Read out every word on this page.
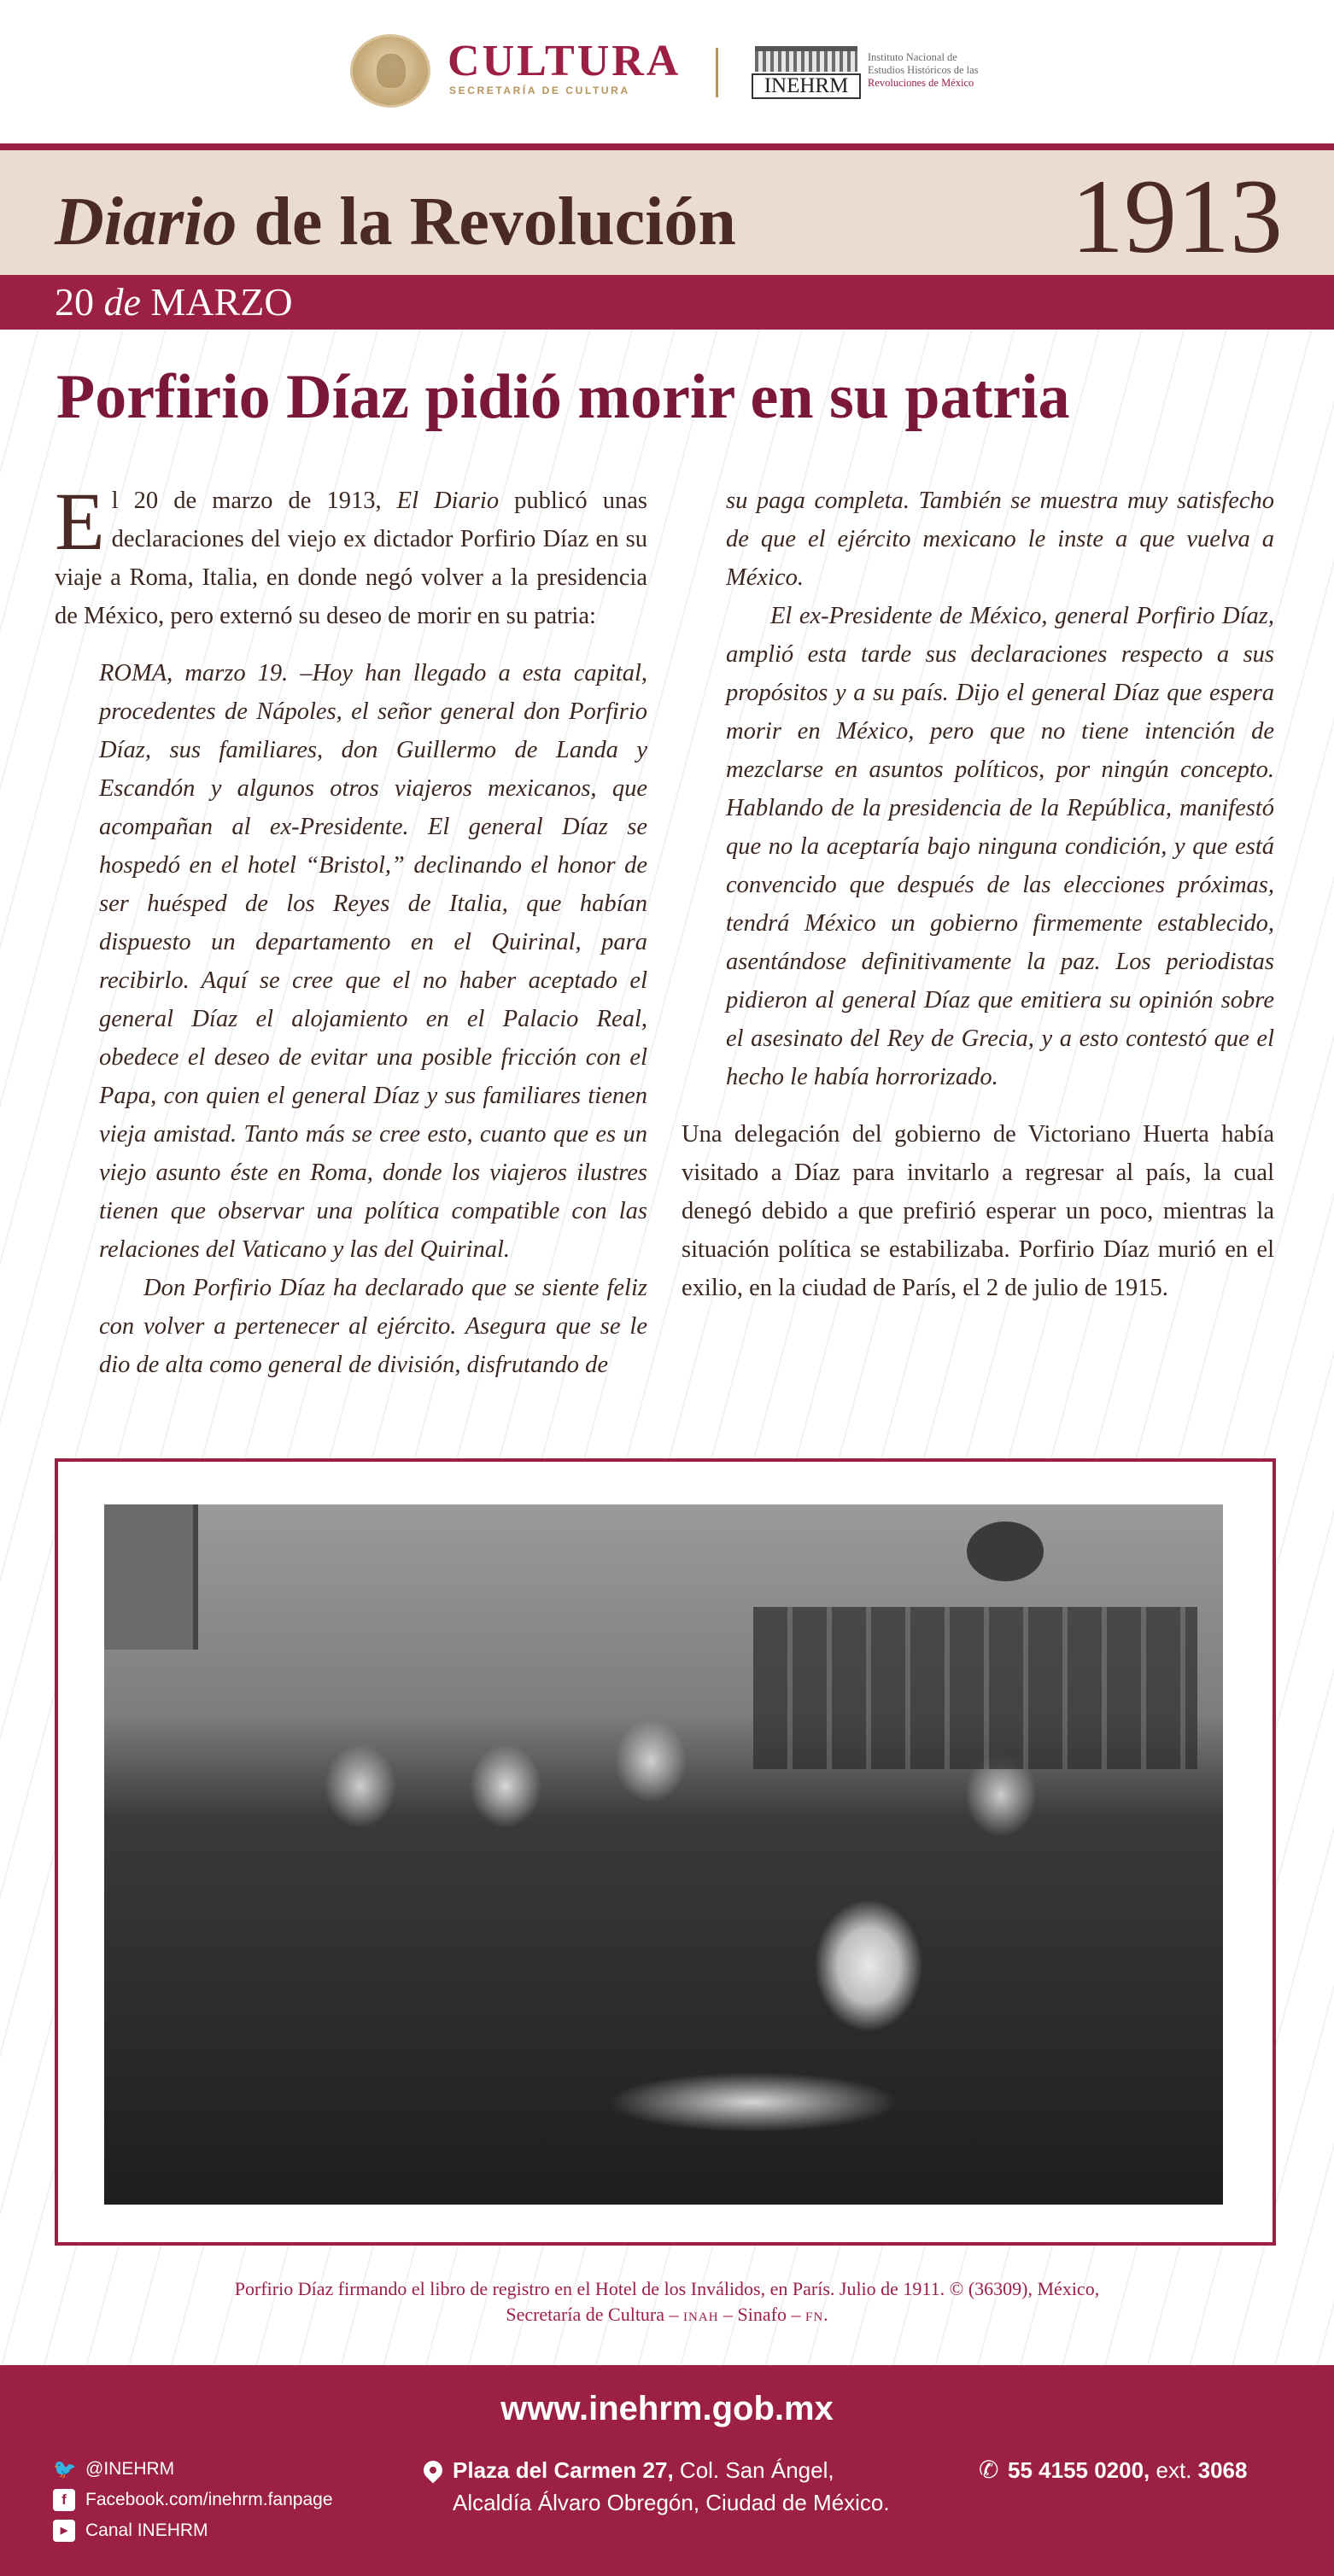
CULTURA
SECRETARÍA DE CULTURA	INEHRM
Instituto Nacional de
Estudios Históricos de las
Revoluciones de México
Diario de la Revolución	1913
20 de MARZO
Porfirio Díaz pidió morir en su patria

El 20 de marzo de 1913, El Diario publicó unas declaraciones del viejo ex dictador Porfirio Díaz en su viaje a Roma, Italia, en donde negó volver a la presidencia de México, pero externó su deseo de morir en su patria:

ROMA, marzo 19. –Hoy han llegado a esta capital, procedentes de Nápoles, el señor general don Porfirio Díaz, sus familiares, don Guillermo de Landa y Escandón y algunos otros viajeros mexicanos, que acompañan al ex-Presidente. El general Díaz se hospedó en el hotel “Bristol,” declinando el honor de ser huésped de los Reyes de Italia, que habían dispuesto un departamento en el Quirinal, para recibirlo. Aquí se cree que el no haber aceptado el general Díaz el alojamiento en el Palacio Real, obedece el deseo de evitar una posible fricción con el Papa, con quien el general Díaz y sus familiares tienen vieja amistad. Tanto más se cree esto, cuanto que es un viejo asunto éste en Roma, donde los viajeros ilustres tienen que observar una política compatible con las relaciones del Vaticano y las del Quirinal.

Don Porfirio Díaz ha declarado que se siente feliz con volver a pertenecer al ejército. Asegura que se le dio de alta como general de división, disfrutando de

su paga completa. También se muestra muy satisfecho de que el ejército mexicano le inste a que vuelva a México.

El ex-Presidente de México, general Porfirio Díaz, amplió esta tarde sus declaraciones respecto a sus propósitos y a su país. Dijo el general Díaz que espera morir en México, pero que no tiene intención de mezclarse en asuntos políticos, por ningún concepto. Hablando de la presidencia de la República, manifestó que no la aceptaría bajo ninguna condición, y que está convencido que después de las elecciones próximas, tendrá México un gobierno firmemente establecido, asentándose definitivamente la paz. Los periodistas pidieron al general Díaz que emitiera su opinión sobre el asesinato del Rey de Grecia, y a esto contestó que el hecho le había horrorizado.

Una delegación del gobierno de Victoriano Huerta había visitado a Díaz para invitarlo a regresar al país, la cual denegó debido a que prefirió esperar un poco, mientras la situación política se estabilizaba. Porfirio Díaz murió en el exilio, en la ciudad de París, el 2 de julio de 1915.

Porfirio Díaz firmando el libro de registro en el Hotel de los Inválidos, en París. Julio de 1911. © (36309), México,
Secretaría de Cultura – INAH – Sinafo – FN.
www.inehrm.gob.mx
🐦 @INEHRM
f	Facebook.com/inehrm.fanpage
▶ Canal INEHRM
Plaza del Carmen 27, Col. San Ángel,
Alcaldía Álvaro Obregón, Ciudad de México.
✆ 55 4155 0200, ext. 3068
